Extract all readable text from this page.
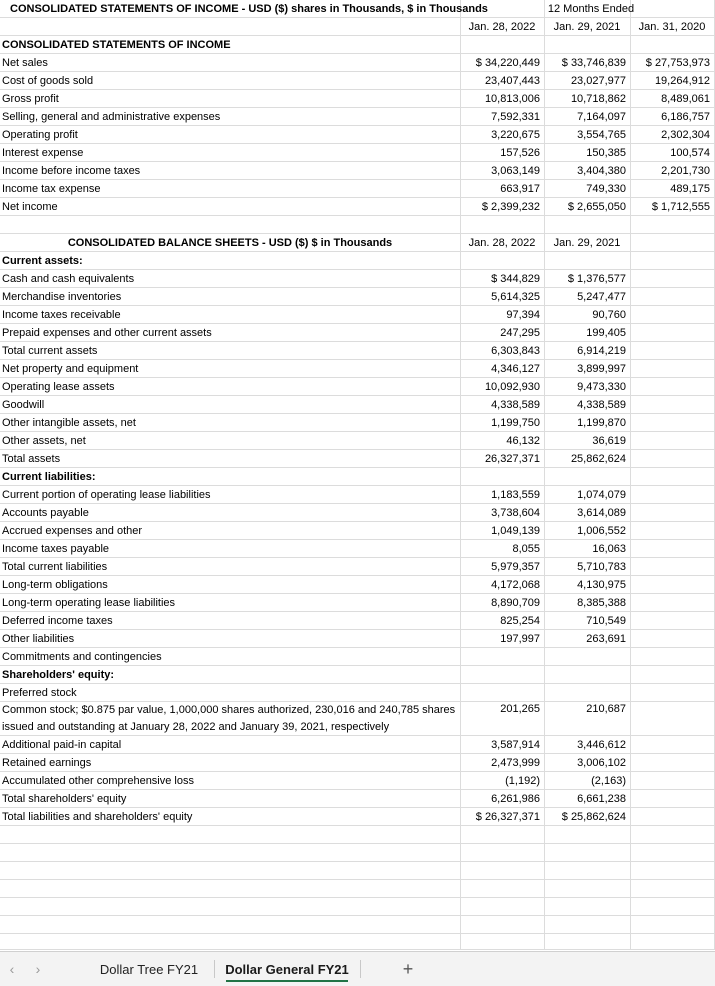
CONSOLIDATED STATEMENTS OF INCOME - USD ($) shares in Thousands, $ in Thousands	12 Months Ended
Jan. 28, 2022	Jan. 29, 2021	Jan. 31, 2020
CONSOLIDATED STATEMENTS OF INCOME
Net sales	$ 34,220,449	$ 33,746,839	$ 27,753,973
Cost of goods sold	23,407,443	23,027,977	19,264,912
Gross profit	10,813,006	10,718,862	8,489,061
Selling, general and administrative expenses	7,592,331	7,164,097	6,186,757
Operating profit	3,220,675	3,554,765	2,302,304
Interest expense	157,526	150,385	100,574
Income before income taxes	3,063,149	3,404,380	2,201,730
Income tax expense	663,917	749,330	489,175
Net income	$ 2,399,232	$ 2,655,050	$ 1,712,555
CONSOLIDATED BALANCE SHEETS - USD ($) $ in Thousands	Jan. 28, 2022	Jan. 29, 2021
Current assets:
Cash and cash equivalents	$ 344,829	$ 1,376,577
Merchandise inventories	5,614,325	5,247,477
Income taxes receivable	97,394	90,760
Prepaid expenses and other current assets	247,295	199,405
Total current assets	6,303,843	6,914,219
Net property and equipment	4,346,127	3,899,997
Operating lease assets	10,092,930	9,473,330
Goodwill	4,338,589	4,338,589
Other intangible assets, net	1,199,750	1,199,870
Other assets, net	46,132	36,619
Total assets	26,327,371	25,862,624
Current liabilities:
Current portion of operating lease liabilities	1,183,559	1,074,079
Accounts payable	3,738,604	3,614,089
Accrued expenses and other	1,049,139	1,006,552
Income taxes payable	8,055	16,063
Total current liabilities	5,979,357	5,710,783
Long-term obligations	4,172,068	4,130,975
Long-term operating lease liabilities	8,890,709	8,385,388
Deferred income taxes	825,254	710,549
Other liabilities	197,997	263,691
Commitments and contingencies
Shareholders' equity:
Preferred stock
Common stock; $0.875 par value, 1,000,000 shares authorized, 230,016 and 240,785 shares issued and outstanding at January 28, 2022 and January 39, 2021, respectively
201,265	210,687
Additional paid-in capital	3,587,914	3,446,612
Retained earnings	2,473,999	3,006,102
Accumulated other comprehensive loss	(1,192)	(2,163)
Total shareholders' equity	6,261,986	6,661,238
Total liabilities and shareholders' equity	$ 26,327,371	$ 25,862,624
‹	›	Dollar Tree FY21 Dollar General FY21	+
